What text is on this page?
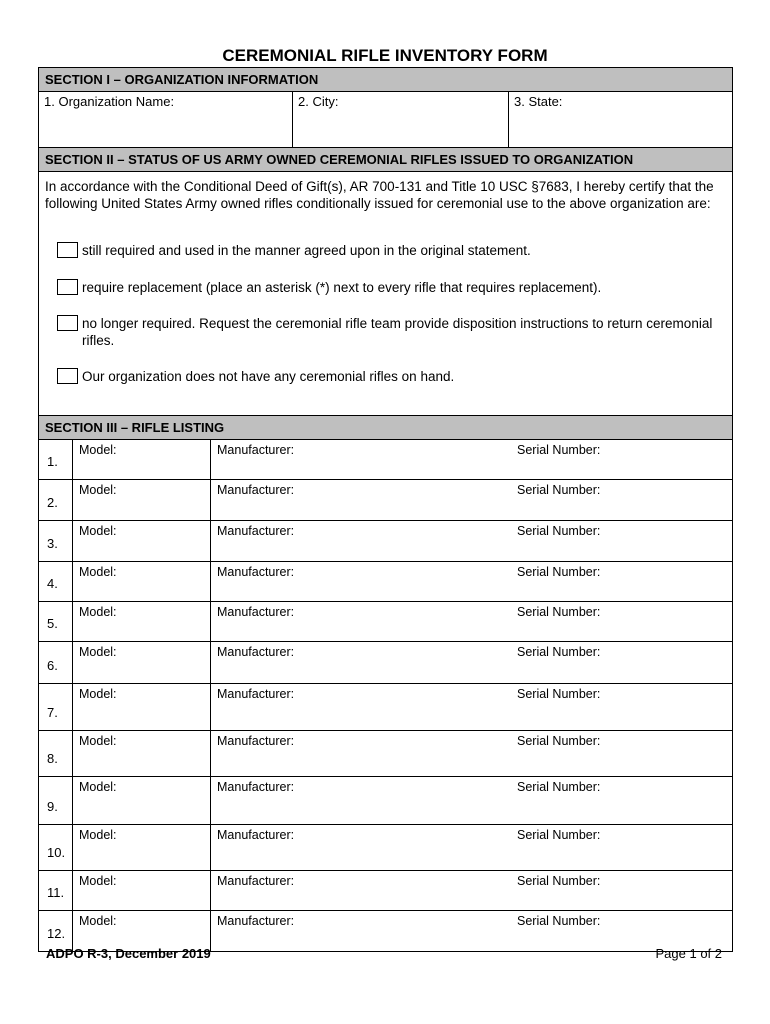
CEREMONIAL RIFLE INVENTORY FORM
SECTION I – ORGANIZATION INFORMATION
1. Organization Name:	2. City:	3. State:
SECTION II – STATUS OF US ARMY OWNED CEREMONIAL RIFLES ISSUED TO ORGANIZATION
In accordance with the Conditional Deed of Gift(s), AR 700-131 and Title 10 USC §7683, I hereby certify that the following United States Army owned rifles conditionally issued for ceremonial use to the above organization are:
still required and used in the manner agreed upon in the original statement.
require replacement (place an asterisk (*) next to every rifle that requires replacement).
no longer required. Request the ceremonial rifle team provide disposition instructions to return ceremonial rifles.
Our organization does not have any ceremonial rifles on hand.
SECTION III – RIFLE LISTING
1.
Model:	Manufacturer:	Serial Number:
2.
Model:	Manufacturer:	Serial Number:
3.
Model:	Manufacturer:	Serial Number:
4.
Model:	Manufacturer:	Serial Number:
5.
Model:	Manufacturer:	Serial Number:
6.
Model:	Manufacturer:	Serial Number:
7.
Model:	Manufacturer:	Serial Number:
8.
Model:	Manufacturer:	Serial Number:
9.
Model:	Manufacturer:	Serial Number:
10.
Model:	Manufacturer:	Serial Number:
11.
Model:	Manufacturer:	Serial Number:
12.
Model:	Manufacturer:	Serial Number:
ADPO R-3, December 2019	Page 1 of 2
